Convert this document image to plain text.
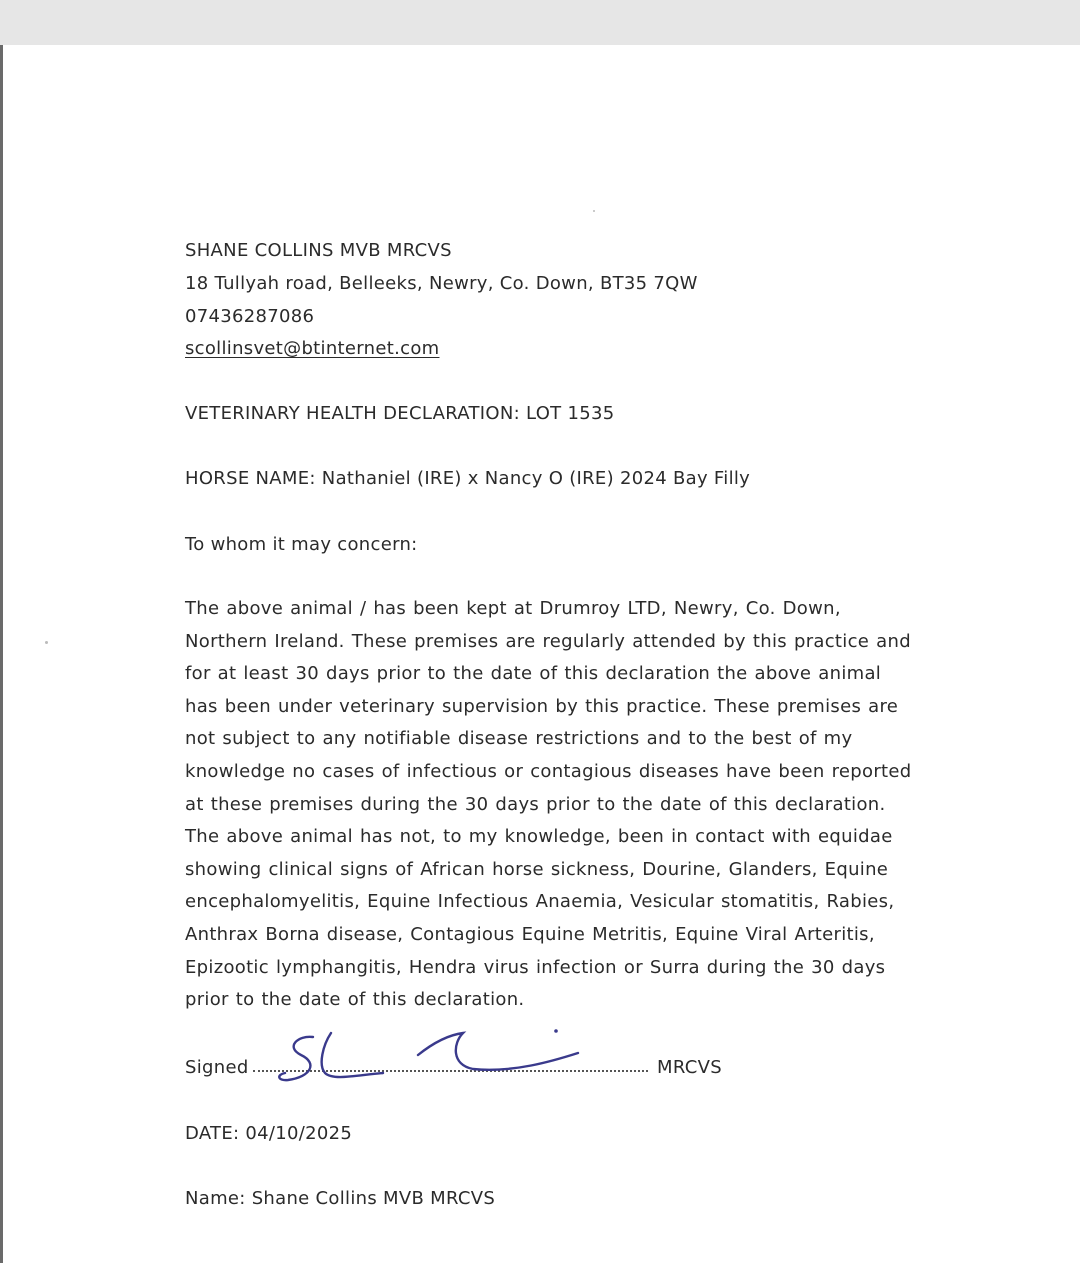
SHANE COLLINS MVB MRCVS
18 Tullyah road, Belleeks, Newry, Co. Down, BT35 7QW
07436287086
scollinsvet@btinternet.com
VETERINARY HEALTH DECLARATION: LOT 1535
HORSE NAME: Nathaniel (IRE) x Nancy O (IRE) 2024 Bay Filly
To whom it may concern:
The above animal / has been kept at Drumroy LTD, Newry, Co. Down, Northern Ireland. These premises are regularly attended by this practice and for at least 30 days prior to the date of this declaration the above animal has been under veterinary supervision by this practice. These premises are not subject to any notifiable disease restrictions and to the best of my knowledge no cases of infectious or contagious diseases have been reported at these premises during the 30 days prior to the date of this declaration. The above animal has not, to my knowledge, been in contact with equidae showing clinical signs of African horse sickness, Dourine, Glanders, Equine encephalomyelitis, Equine Infectious Anaemia, Vesicular stomatitis, Rabies, Anthrax Borna disease, Contagious Equine Metritis, Equine Viral Arteritis, Epizootic lymphangitis, Hendra virus infection or Surra during the 30 days prior to the date of this declaration.
Signed	MRCVS
DATE: 04/10/2025
Name: Shane Collins MVB MRCVS
